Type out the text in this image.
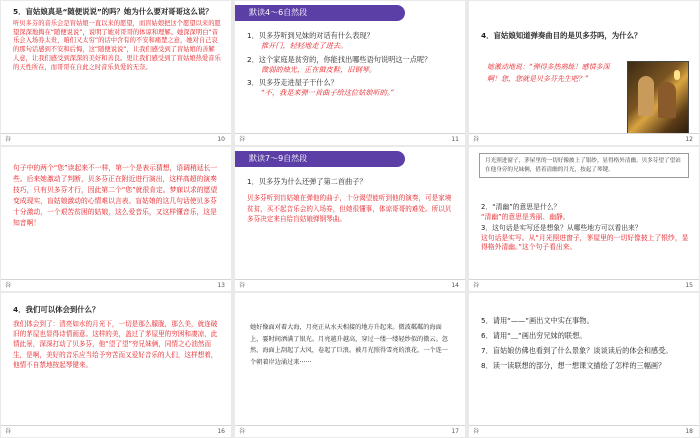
5．盲姑娘真是“随便说说”的吗？她为什么要对哥哥这么说？
听贝多芬的音乐会是盲姑娘一直以来的愿望，而盲姑娘把这个愿望以来的愿望深深地掏在“随便说说”，说明了她对哥哥的体谅和理解。她深深明白“音乐会入场券太贵，咱们又太穷”的话中含有的不安和痛楚之意，她对自己哀的那句话感到不安和后悔，这“随便说说”，让我们感受到了盲姑娘的善解人意，让我们感受到深深的美好和善良。更让我们感受到了盲姑娘热爱音乐的天性所在，而哥哥在自此之时音乐负爱的无奈。
谷	10
默读4～6自然段
1．贝多芬听到兄妹的对话有什么表现？
推开门，轻轻地走了进去。
2．这个家庭是贫穷的，你能找出哪些语句说明这一点呢？
微弱的烛光，正在做皮鞋，旧钢琴。
3．贝多芬走进屋子干什么？
“不，我是来弹一首曲子给这位姑娘听的。”
谷	11
4．盲姑娘知道弹奏曲目的是贝多芬吗，为什么？
她激动地说：“弹得多热熟练！感情多深啊！您，您就是贝多芬先生吧？”
谷	12
句子中的两个“您”读起来不一样，第一个是表示猜想，语调稍延长一些。后来她激动了判断，贝多芬正在附近进行演出，这样高超的演奏技巧，只有贝多芬才行，因此第二个“您”就很肯定。梦寐以求的愿望变成现实，盲姑娘激动的心情难以言表。盲姑娘的这几句话使贝多芬十分激动，一个艰苦贫困的姑娘，这么爱音乐，又这样懂音乐，这是知音啊！
谷	13
默读7～9自然段
1．贝多芬为什么还弹了第二首曲子？
贝多芬听到盲姑娘在弹他的曲子，十分渴望能听到他的演奏，可是家境贫贫，买不起音乐会的入场券，但她很懂事，体谅哥哥的难处。所以贝多芬决定来自给盲姑娘弹钢琴曲。
谷	14
月光照进窗子，茅屋里的一切好像披上了银纱。显得格外清幽。贝多芬望了望站在他身旁的兄妹俩，借着清幽的月光，按起了琴键。
2．“清幽”的意思是什么？
“清幽”的意思是秀丽、幽静。
3．这句话是实写还是想象？从哪些地方可以看出来？
这句话是实写。从“月光照进窗子，茅屋里的一切好像披上了银纱，显得格外清幽。”这个句子看出来。
谷	15
4．我们可以体会到什么？
我们体会到了：清亮如水的月光下，一切是那么朦胧，那么美，就连破旧的茅屋也显得诗情画意。这样的美，盖过了茅屋里的穷困和凄凉，此情此景，深深打动了贝多芬，他“望了望”穷兄妹俩，同情之心油然而生，是啊，美好的音乐应当给予穷苦而又爱好音乐的人们，这样想着，他情不自禁地按起琴键来。
谷	16
她好像面对着大海，月亮正从水天相接的地方升起来。微波粼粼的海面上，霎时间洒满了银光。月亮越升越高，穿过一缕一缕轻纱似的微云。忽然，海面上刮起了大风，卷起了巨浪。被月光照得雪亮的浪花，一个连一个朝着岸边涌过来······
谷	17
5．请用“——”画出文中实在事物。
6．请用“﹏”画出穷兄妹的联想。
7．盲姑娘仿佛也看到了什么景象？谈谈读后的体会和感受。
8．读一读联想的部分，想一想课文描绘了怎样的三幅画？
谷	18
